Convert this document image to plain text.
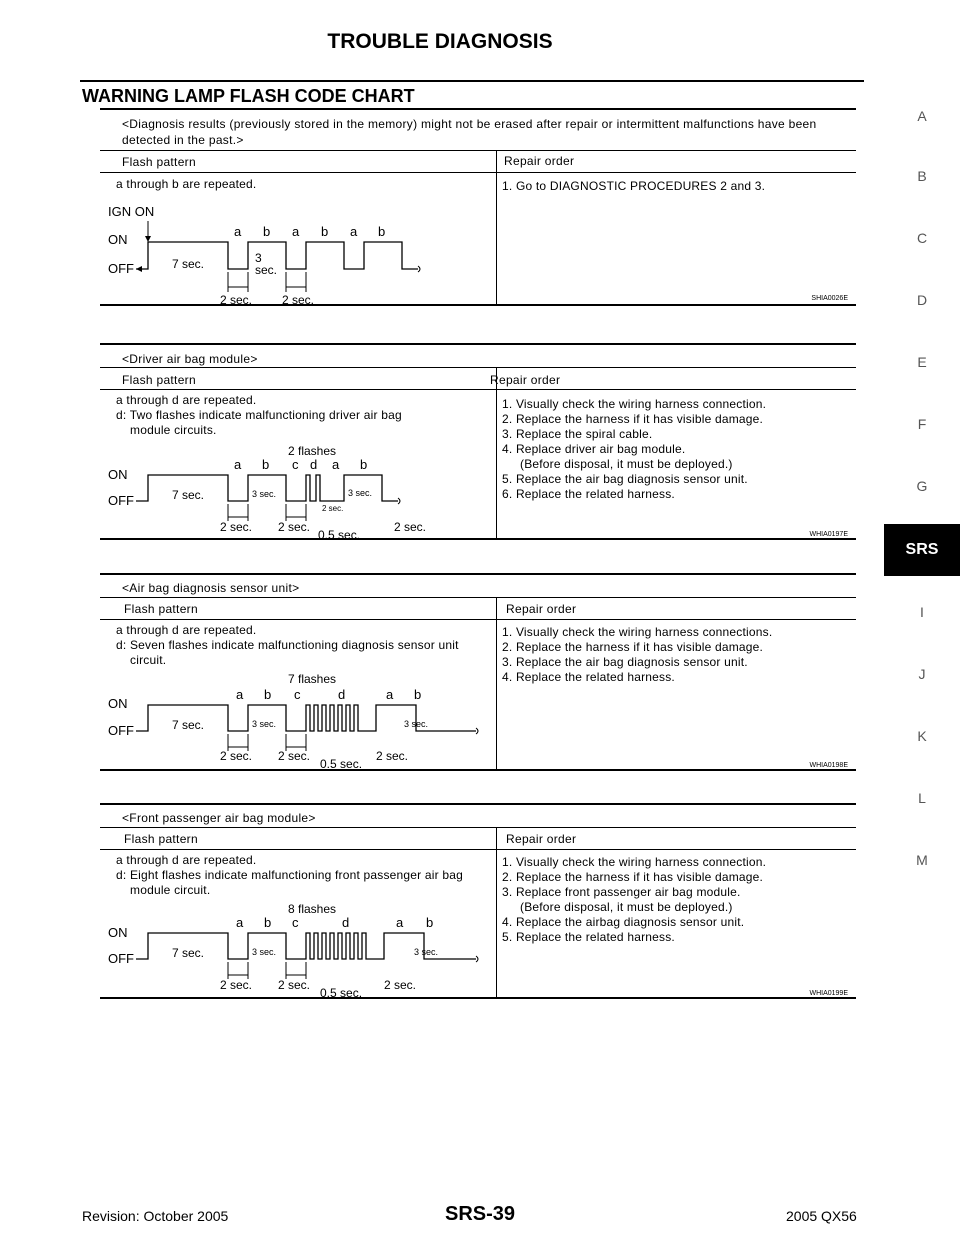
TROUBLE DIAGNOSIS
WARNING LAMP FLASH CODE CHART
A
B
C
D
E
F
G
SRS
I
J
K
L
M
<Diagnosis results (previously stored in the memory) might not be erased after repair or intermittent malfunctions have been
detected in the past.>
Flash pattern	Repair order
a through b are repeated.	1. Go to DIAGNOSTIC PROCEDURES 2 and 3.
IGN ON
ON
OFF	7 sec.	3
sec.
2 sec. 2 sec.
a b a b a b
SHIA0026E
<Driver air bag module>
Flash pattern	Repair order
a through d are repeated.
d: Two flashes indicate malfunctioning driver air bag
module circuits.
1. Visually check the wiring harness connection.
2. Replace the harness if it has visible damage.
3. Replace the spiral cable.
4. Replace driver air bag module.
(Before disposal, it must be deployed.)
5. Replace the air bag diagnosis sensor unit.
6. Replace the related harness.
2 flashes
ON
OFF	7 sec.	3 sec.	3 sec.
2 sec.
2 sec. 2 sec.	2 sec.
0.5 sec.
a b c d a b
WHIA0197E
<Air bag diagnosis sensor unit>
Flash pattern	Repair order
a through d are repeated.
d: Seven flashes indicate malfunctioning diagnosis sensor unit
circuit.
1. Visually check the wiring harness connections.
2. Replace the harness if it has visible damage.
3. Replace the air bag diagnosis sensor unit.
4. Replace the related harness.
7 flashes
ON
OFF	7 sec.	3 sec.	3 sec.
2 sec. 2 sec.	2 sec.
0.5 sec.
a b c	d	a b
WHIA0198E
<Front passenger air bag module>
Flash pattern	Repair order
a through d are repeated.
d: Eight flashes indicate malfunctioning front passenger air bag
module circuit.
1. Visually check the wiring harness connection.
2. Replace the harness if it has visible damage.
3. Replace front passenger air bag module.
(Before disposal, it must be deployed.)
4. Replace the airbag diagnosis sensor unit.
5. Replace the related harness.
8 flashes
ON
OFF	7 sec.	3 sec.	3 sec.
2 sec. 2 sec.	2 sec.
0.5 sec.
a b c	d	a b
WHIA0199E
Revision: October 2005	SRS-39	2005 QX56
